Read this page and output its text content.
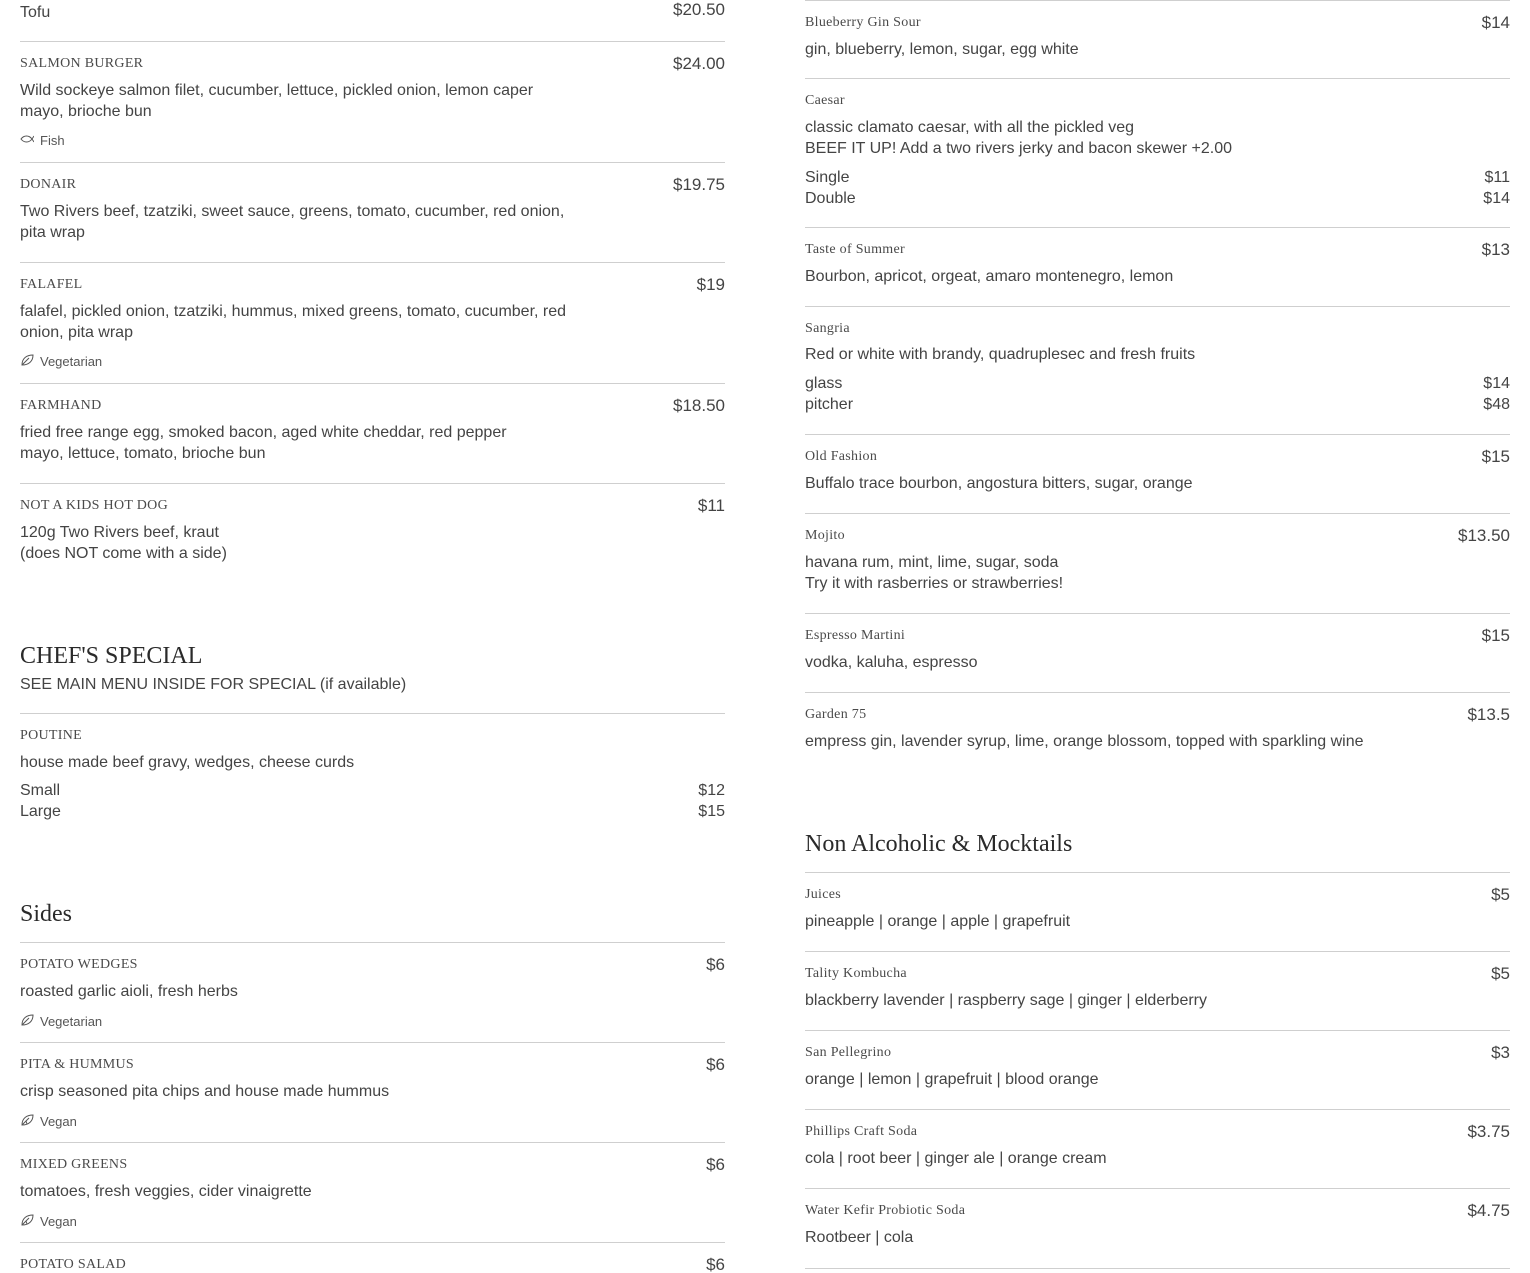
Tofu	$20.50
SALMON BURGER	$24.00
Wild sockeye salmon filet, cucumber, lettuce, pickled onion, lemon caper mayo, brioche bun
Fish
DONAIR	$19.75
Two Rivers beef, tzatziki, sweet sauce, greens, tomato, cucumber, red onion, pita wrap
FALAFEL	$19
falafel, pickled onion, tzatziki, hummus, mixed greens, tomato, cucumber, red onion, pita wrap
Vegetarian
FARMHAND	$18.50
fried free range egg, smoked bacon, aged white cheddar, red pepper mayo, lettuce, tomato, brioche bun
NOT A KIDS HOT DOG	$11
120g Two Rivers beef, kraut
(does NOT come with a side)
CHEF'S SPECIAL
SEE MAIN MENU INSIDE FOR SPECIAL (if available)
POUTINE
house made beef gravy, wedges, cheese curds
Small	$12
Large	$15
Sides
POTATO WEDGES	$6
roasted garlic aioli, fresh herbs
Vegetarian
PITA & HUMMUS	$6
crisp seasoned pita chips and house made hummus
Vegan
MIXED GREENS	$6
tomatoes, fresh veggies, cider vinaigrette
Vegan
POTATO SALAD	$6
Blueberry Gin Sour	$14
gin, blueberry, lemon, sugar, egg white
Caesar
classic clamato caesar, with all the pickled veg
BEEF IT UP! Add a two rivers jerky and bacon skewer +2.00
Single	$11
Double	$14
Taste of Summer	$13
Bourbon, apricot, orgeat, amaro montenegro, lemon
Sangria
Red or white with brandy, quadruplesec and fresh fruits
glass	$14
pitcher	$48
Old Fashion	$15
Buffalo trace bourbon, angostura bitters, sugar, orange
Mojito	$13.50
havana rum, mint, lime, sugar, soda
Try it with rasberries or strawberries!
Espresso Martini	$15
vodka, kaluha, espresso
Garden 75	$13.5
empress gin, lavender syrup, lime, orange blossom, topped with sparkling wine
Non Alcoholic & Mocktails
Juices	$5
pineapple | orange | apple | grapefruit
Tality Kombucha	$5
blackberry lavender | raspberry sage | ginger | elderberry
San Pellegrino	$3
orange | lemon | grapefruit | blood orange
Phillips Craft Soda	$3.75
cola | root beer | ginger ale | orange cream
Water Kefir Probiotic Soda	$4.75
Rootbeer | cola
